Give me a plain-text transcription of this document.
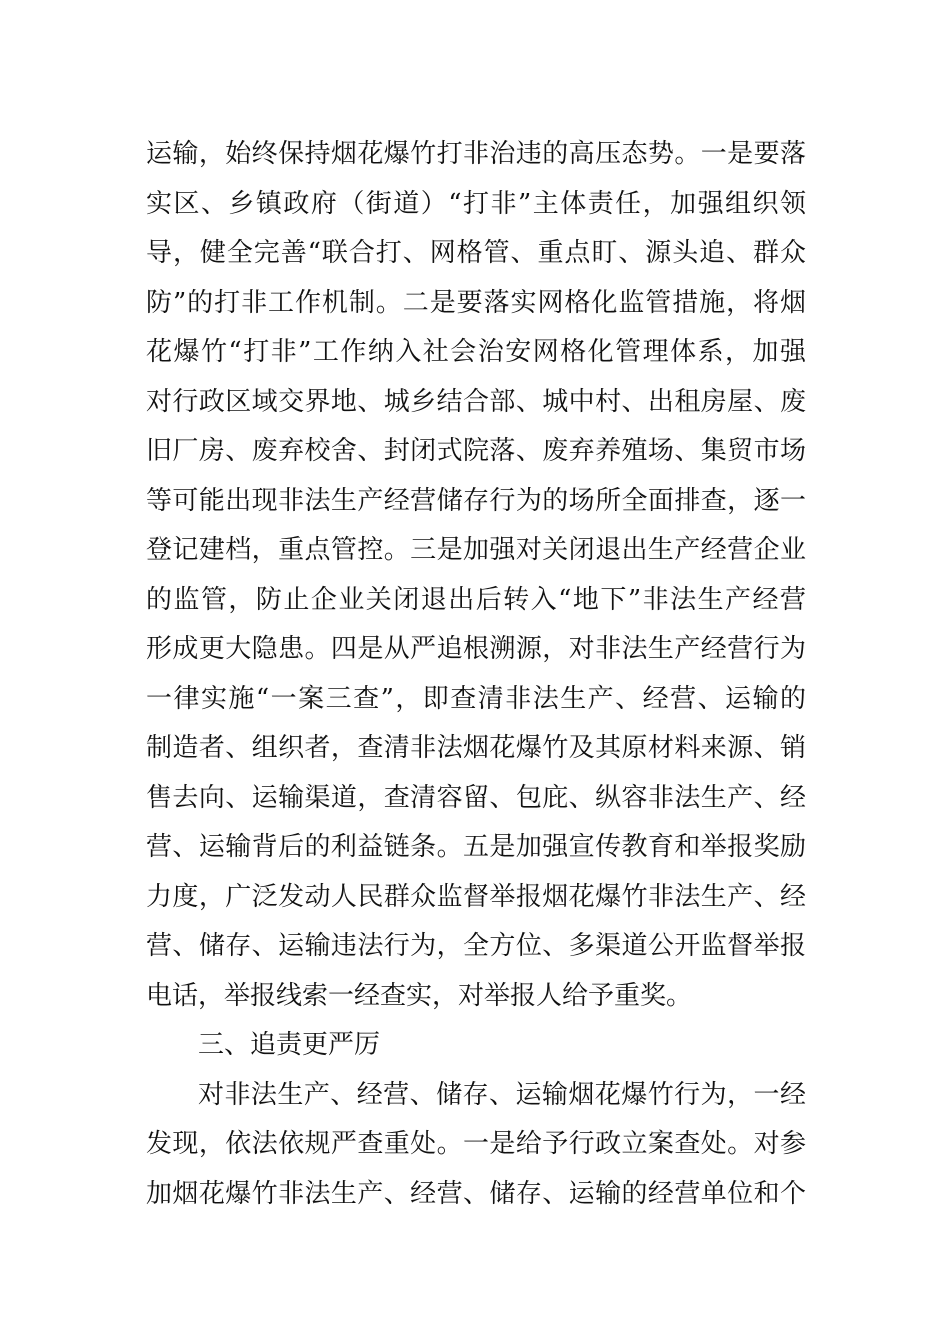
运输，始终保持烟花爆竹打非治违的高压态势。一是要落
实区、乡镇政府（街道）“打非”主体责任，加强组织领
导，健全完善“联合打、网格管、重点盯、源头追、群众
防”的打非工作机制。二是要落实网格化监管措施，将烟
花爆竹“打非”工作纳入社会治安网格化管理体系，加强
对行政区域交界地、城乡结合部、城中村、出租房屋、废
旧厂房、废弃校舍、封闭式院落、废弃养殖场、集贸市场
等可能出现非法生产经营储存行为的场所全面排查，逐一
登记建档，重点管控。三是加强对关闭退出生产经营企业
的监管，防止企业关闭退出后转入“地下”非法生产经营
形成更大隐患。四是从严追根溯源，对非法生产经营行为
一律实施“一案三查”，即查清非法生产、经营、运输的
制造者、组织者，查清非法烟花爆竹及其原材料来源、销
售去向、运输渠道，查清容留、包庇、纵容非法生产、经
营、运输背后的利益链条。五是加强宣传教育和举报奖励
力度，广泛发动人民群众监督举报烟花爆竹非法生产、经
营、储存、运输违法行为，全方位、多渠道公开监督举报
电话，举报线索一经查实，对举报人给予重奖。
三、追责更严厉
对非法生产、经营、储存、运输烟花爆竹行为，一经
发现，依法依规严查重处。一是给予行政立案查处。对参
加烟花爆竹非法生产、经营、储存、运输的经营单位和个
